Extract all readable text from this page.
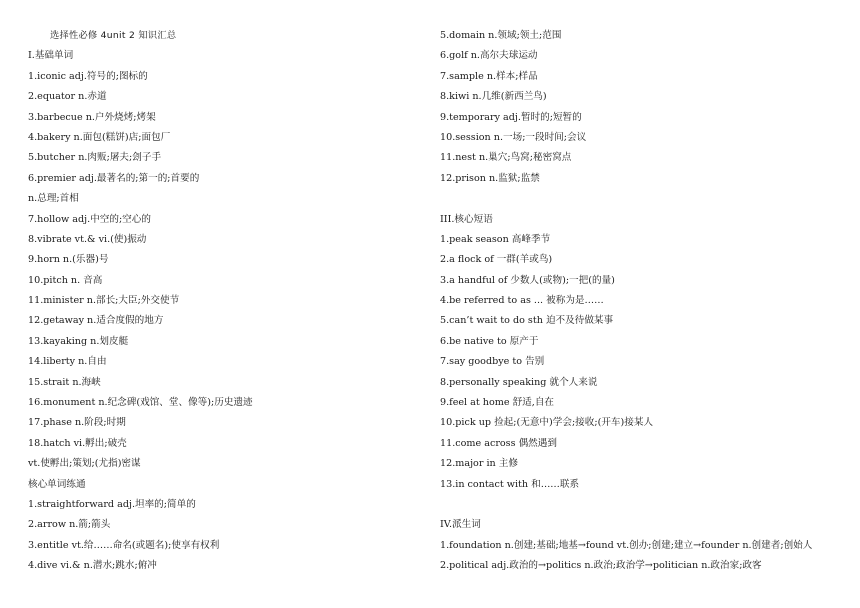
选择性必修 4unit 2 知识汇总
Ⅰ.基础单词
1.iconic adj.符号的;图标的
2.equator n.赤道
3.barbecue n.户外烧烤;烤架
4.bakery n.面包(糕饼)店;面包厂
5.butcher n.肉贩;屠夫;刽子手
6.premier adj.最著名的;第一的;首要的
n.总理;首相
7.hollow adj.中空的;空心的
8.vibrate vt.& vi.(使)振动
9.horn n.(乐器)号
10.pitch n. 音高
11.minister n.部长;大臣;外交使节
12.getaway n.适合度假的地方
13.kayaking n.划皮艇
14.liberty n.自由
15.strait n.海峡
16.monument n.纪念碑(戏馆、堂、像等);历史遗迹
17.phase n.阶段;时期
18.hatch vi.孵出;破壳
vt.使孵出;策划;(尤指)密谋
核心单词练通
1.straightforward adj.坦率的;简单的
2.arrow n.箭;箭头
3.entitle vt.给……命名(或题名);使享有权利
4.dive vi.& n.潜水;跳水;俯冲
5.domain n.领域;领土;范围
6.golf n.高尔夫球运动
7.sample n.样本;样品
8.kiwi n.几维(新西兰鸟)
9.temporary adj.暂时的;短暂的
10.session n.一场;一段时间;会议
11.nest n.巢穴;鸟窝;秘密窝点
12.prison n.监狱;监禁
III.核心短语
1.peak season 高峰季节
2.a flock of 一群(羊或鸟)
3.a handful of 少数人(或物);一把(的量)
4.be referred to as ... 被称为是……
5.can’t wait to do sth 迫不及待做某事
6.be native to 原产于
7.say goodbye to 告别
8.personally speaking 就个人来说
9.feel at home 舒适,自在
10.pick up 捡起;(无意中)学会;接收;(开车)接某人
11.come across 偶然遇到
12.major in 主修
13.in contact with 和……联系
IV.派生词
1.foundation n.创建;基础;地基→found vt.创办;创建;建立→founder n.创建者;创始人
2.political adj.政治的→politics n.政治;政治学→politician n.政治家;政客
